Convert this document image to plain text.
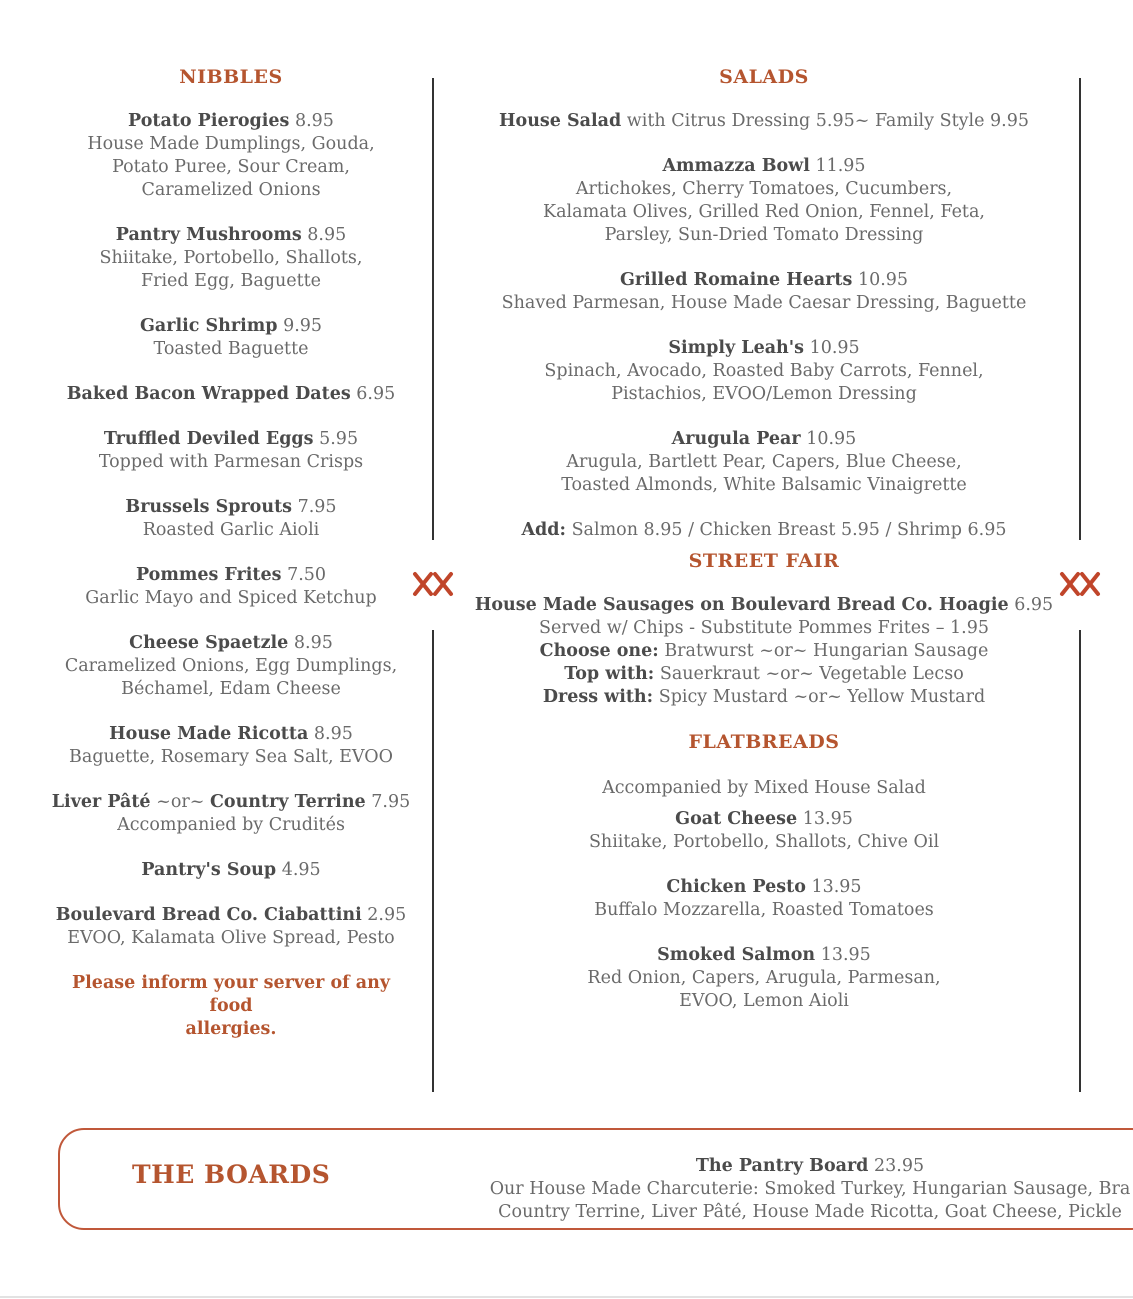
NIBBLES
Potato Pierogies 8.95
House Made Dumplings, Gouda,
Potato Puree, Sour Cream,
Caramelized Onions
Pantry Mushrooms 8.95
Shiitake, Portobello, Shallots,
Fried Egg, Baguette
Garlic Shrimp 9.95
Toasted Baguette
Baked Bacon Wrapped Dates 6.95
Truffled Deviled Eggs 5.95
Topped with Parmesan Crisps
Brussels Sprouts 7.95
Roasted Garlic Aioli
Pommes Frites 7.50
Garlic Mayo and Spiced Ketchup
Cheese Spaetzle 8.95
Caramelized Onions, Egg Dumplings,
Béchamel, Edam Cheese
House Made Ricotta 8.95
Baguette, Rosemary Sea Salt, EVOO
Liver Pâté ~or~ Country Terrine 7.95
Accompanied by Crudités
Pantry's Soup 4.95
Boulevard Bread Co. Ciabattini 2.95
EVOO, Kalamata Olive Spread, Pesto
Please inform your server of any food
allergies.
SALADS
House Salad with Citrus Dressing 5.95~ Family Style 9.95
Ammazza Bowl 11.95
Artichokes, Cherry Tomatoes, Cucumbers,
Kalamata Olives, Grilled Red Onion, Fennel, Feta,
Parsley, Sun-Dried Tomato Dressing
Grilled Romaine Hearts 10.95
Shaved Parmesan, House Made Caesar Dressing, Baguette
Simply Leah's 10.95
Spinach, Avocado, Roasted Baby Carrots, Fennel,
Pistachios, EVOO/Lemon Dressing
Arugula Pear 10.95
Arugula, Bartlett Pear, Capers, Blue Cheese,
Toasted Almonds, White Balsamic Vinaigrette
Add: Salmon 8.95 / Chicken Breast 5.95 / Shrimp 6.95
STREET FAIR
House Made Sausages on Boulevard Bread Co. Hoagie 6.95
Served w/ Chips - Substitute Pommes Frites – 1.95
Choose one: Bratwurst ~or~ Hungarian Sausage
Top with: Sauerkraut ~or~ Vegetable Lecso
Dress with: Spicy Mustard ~or~ Yellow Mustard
FLATBREADS
Accompanied by Mixed House Salad
Goat Cheese 13.95
Shiitake, Portobello, Shallots, Chive Oil
Chicken Pesto 13.95
Buffalo Mozzarella, Roasted Tomatoes
Smoked Salmon 13.95
Red Onion, Capers, Arugula, Parmesan,
EVOO, Lemon Aioli
THE BOARDS	The Pantry Board 23.95
Our House Made Charcuterie: Smoked Turkey, Hungarian Sausage, Bra
Country Terrine, Liver Pâté, House Made Ricotta, Goat Cheese, Pickle
